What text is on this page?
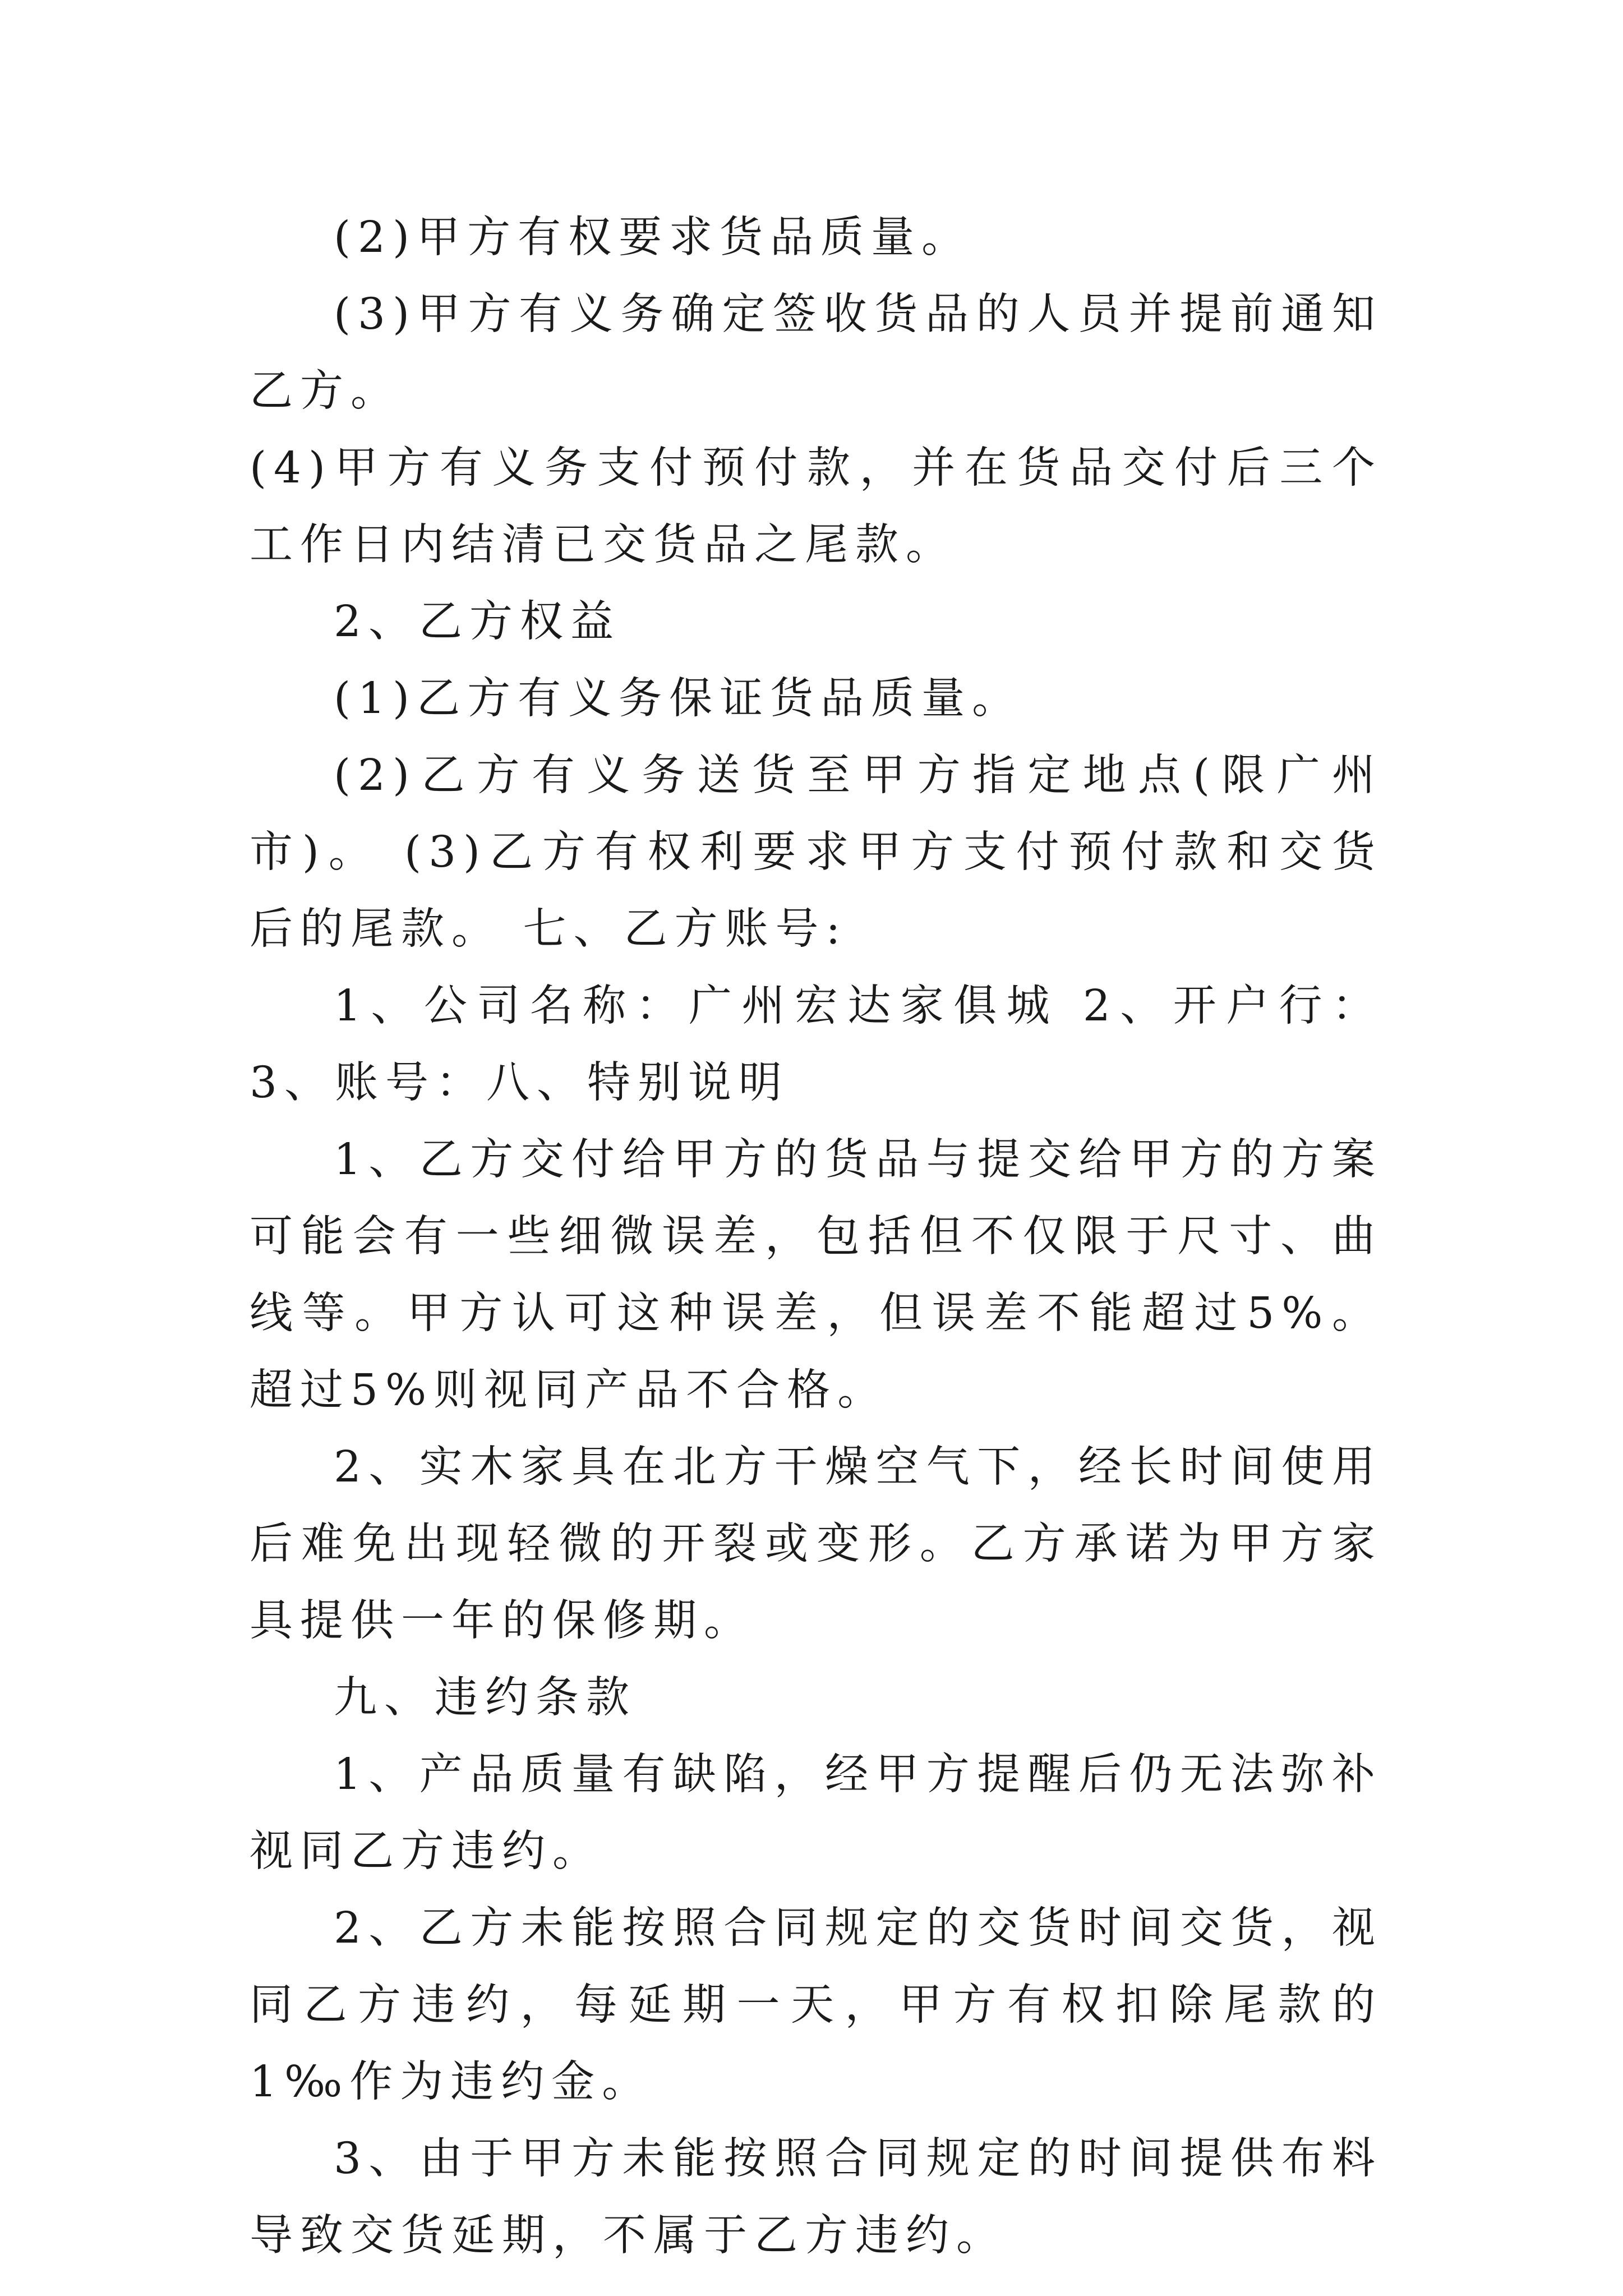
(2)甲方有权要求货品质量。

(3)甲方有义务确定签收货品的人员并提前通知乙方。

(4)甲方有义务支付预付款，并在货品交付后三个工作日内结清已交货品之尾款。

2、乙方权益

(1)乙方有义务保证货品质量。

(2)乙方有义务送货至甲方指定地点(限广州市)。 (3)乙方有权利要求甲方支付预付款和交货后的尾款。 七、乙方账号:

1、公司名称：广州宏达家俱城 2、开户行： 3、账号：八、特别说明

1、乙方交付给甲方的货品与提交给甲方的方案可能会有一些细微误差，包括但不仅限于尺寸、曲线等。甲方认可这种误差，但误差不能超过5%。超过5%则视同产品不合格。

2、实木家具在北方干燥空气下，经长时间使用后难免出现轻微的开裂或变形。乙方承诺为甲方家具提供一年的保修期。

九、违约条款

1、产品质量有缺陷，经甲方提醒后仍无法弥补视同乙方违约。

2、乙方未能按照合同规定的交货时间交货，视同乙方违约，每延期一天，甲方有权扣除尾款的1‰作为违约金。

3、由于甲方未能按照合同规定的时间提供布料导致交货延期，不属于乙方违约。
